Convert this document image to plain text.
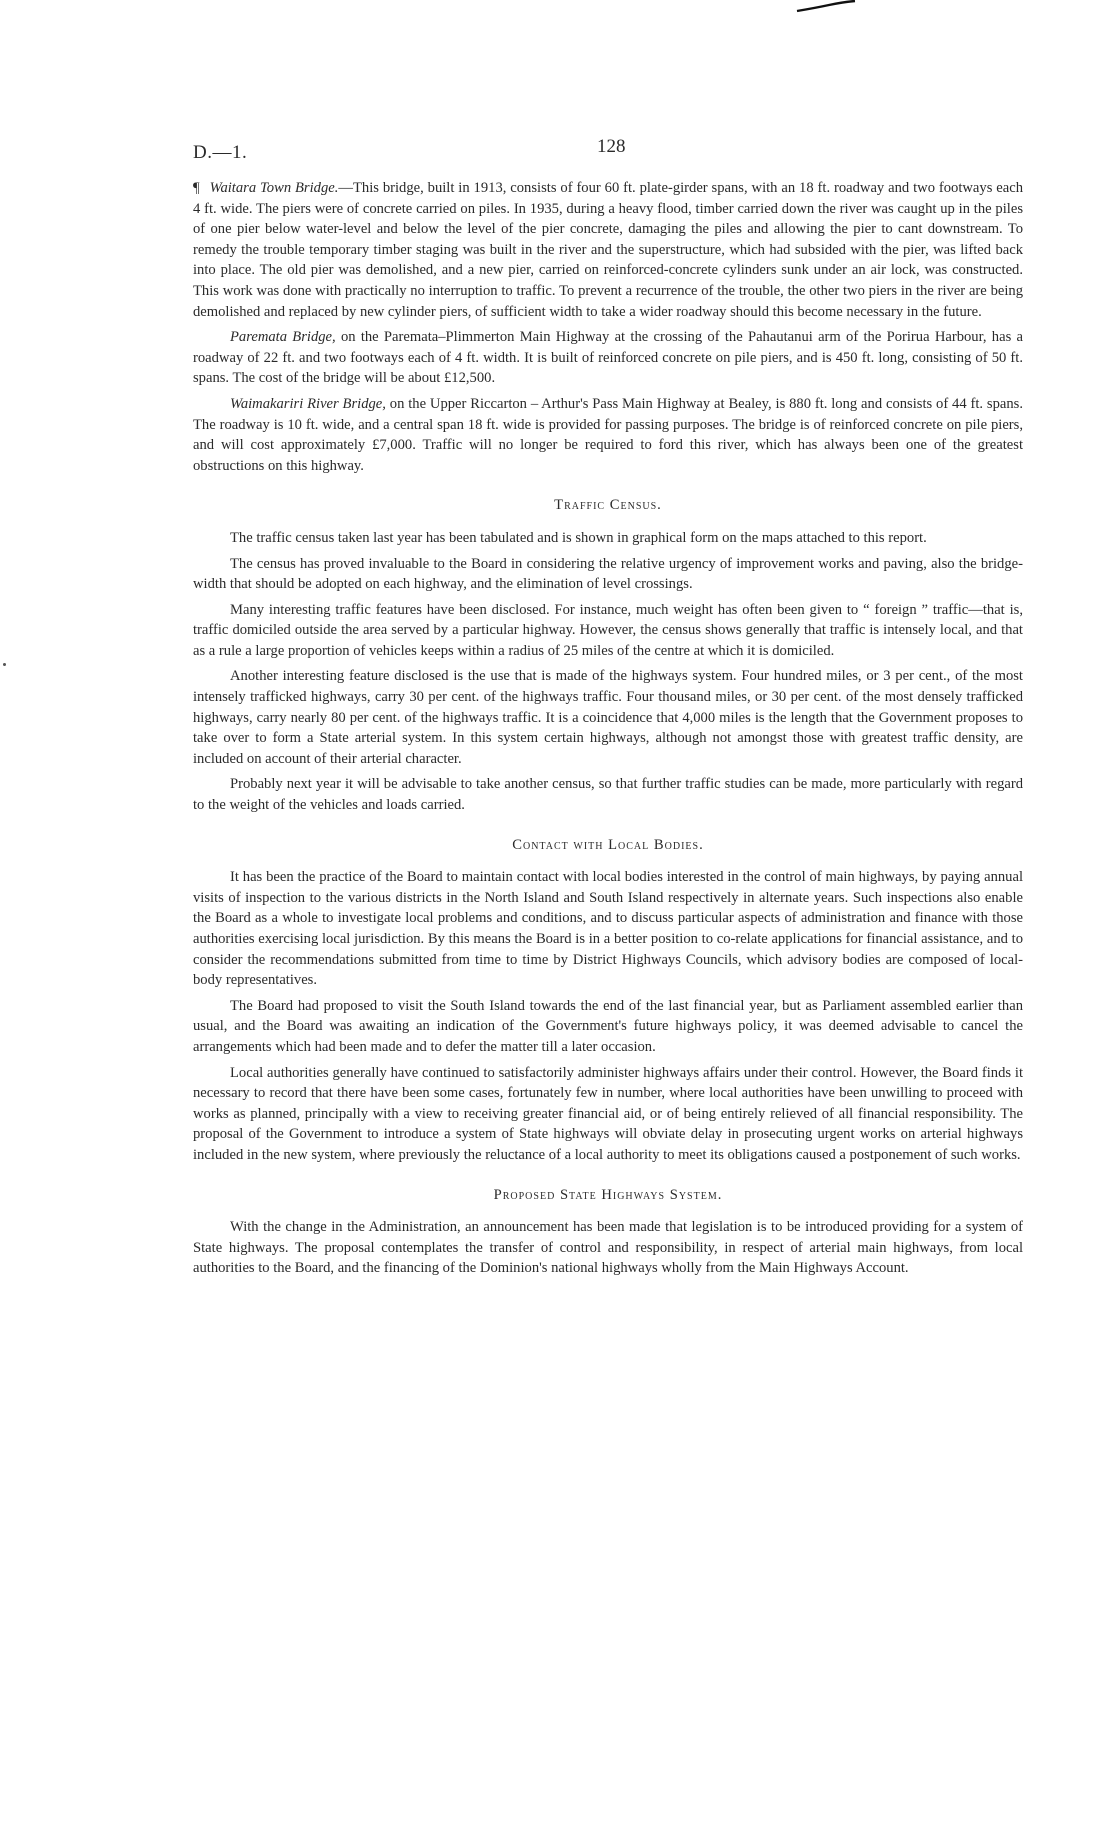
D.—1.	128

¶ Waitara Town Bridge.—This bridge, built in 1913, consists of four 60 ft. plate-girder spans, with an 18 ft. roadway and two footways each 4 ft. wide. The piers were of concrete carried on piles. In 1935, during a heavy flood, timber carried down the river was caught up in the piles of one pier below water-level and below the level of the pier concrete, damaging the piles and allowing the pier to cant downstream. To remedy the trouble temporary timber staging was built in the river and the superstructure, which had subsided with the pier, was lifted back into place. The old pier was demolished, and a new pier, carried on reinforced-concrete cylinders sunk under an air lock, was constructed. This work was done with practically no interruption to traffic. To prevent a recurrence of the trouble, the other two piers in the river are being demolished and replaced by new cylinder piers, of sufficient width to take a wider roadway should this become necessary in the future.

Paremata Bridge, on the Paremata–Plimmerton Main Highway at the crossing of the Pahautanui arm of the Porirua Harbour, has a roadway of 22 ft. and two footways each of 4 ft. width. It is built of reinforced concrete on pile piers, and is 450 ft. long, consisting of 50 ft. spans. The cost of the bridge will be about £12,500.

Waimakariri River Bridge, on the Upper Riccarton – Arthur's Pass Main Highway at Bealey, is 880 ft. long and consists of 44 ft. spans. The roadway is 10 ft. wide, and a central span 18 ft. wide is provided for passing purposes. The bridge is of reinforced concrete on pile piers, and will cost approximately £7,000. Traffic will no longer be required to ford this river, which has always been one of the greatest obstructions on this highway.

Traffic Census.

The traffic census taken last year has been tabulated and is shown in graphical form on the maps attached to this report.

The census has proved invaluable to the Board in considering the relative urgency of improvement works and paving, also the bridge-width that should be adopted on each highway, and the elimination of level crossings.

Many interesting traffic features have been disclosed. For instance, much weight has often been given to “ foreign ” traffic—that is, traffic domiciled outside the area served by a particular highway. However, the census shows generally that traffic is intensely local, and that as a rule a large proportion of vehicles keeps within a radius of 25 miles of the centre at which it is domiciled.

Another interesting feature disclosed is the use that is made of the highways system. Four hundred miles, or 3 per cent., of the most intensely trafficked highways, carry 30 per cent. of the highways traffic. Four thousand miles, or 30 per cent. of the most densely trafficked highways, carry nearly 80 per cent. of the highways traffic. It is a coincidence that 4,000 miles is the length that the Government proposes to take over to form a State arterial system. In this system certain highways, although not amongst those with greatest traffic density, are included on account of their arterial character.

Probably next year it will be advisable to take another census, so that further traffic studies can be made, more particularly with regard to the weight of the vehicles and loads carried.

Contact with Local Bodies.

It has been the practice of the Board to maintain contact with local bodies interested in the control of main highways, by paying annual visits of inspection to the various districts in the North Island and South Island respectively in alternate years. Such inspections also enable the Board as a whole to investigate local problems and conditions, and to discuss particular aspects of administration and finance with those authorities exercising local jurisdiction. By this means the Board is in a better position to co-relate applications for financial assistance, and to consider the recommendations submitted from time to time by District Highways Councils, which advisory bodies are composed of local-body representatives.

The Board had proposed to visit the South Island towards the end of the last financial year, but as Parliament assembled earlier than usual, and the Board was awaiting an indication of the Government's future highways policy, it was deemed advisable to cancel the arrangements which had been made and to defer the matter till a later occasion.

Local authorities generally have continued to satisfactorily administer highways affairs under their control. However, the Board finds it necessary to record that there have been some cases, fortunately few in number, where local authorities have been unwilling to proceed with works as planned, principally with a view to receiving greater financial aid, or of being entirely relieved of all financial responsibility. The proposal of the Government to introduce a system of State highways will obviate delay in prosecuting urgent works on arterial highways included in the new system, where previously the reluctance of a local authority to meet its obligations caused a postponement of such works.

Proposed State Highways System.

With the change in the Administration, an announcement has been made that legislation is to be introduced providing for a system of State highways. The proposal contemplates the transfer of control and responsibility, in respect of arterial main highways, from local authorities to the Board, and the financing of the Dominion's national highways wholly from the Main Highways Account.
